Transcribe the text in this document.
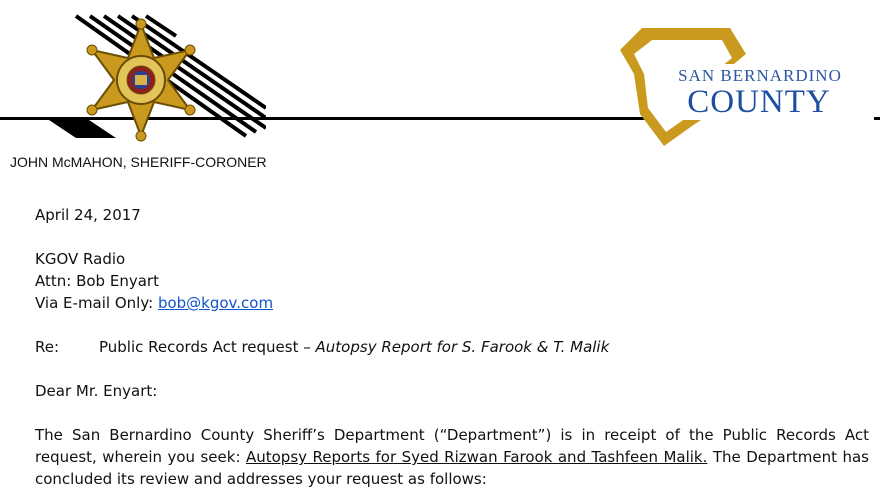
SAN BERNARDINO
COUNTY
JOHN McMAHON, SHERIFF-CORONER

April 24, 2017

KGOV Radio

Attn: Bob Enyart

Via E-mail Only: bob@kgov.com

Re:	Public Records Act request – Autopsy Report for S. Farook & T. Malik

Dear Mr. Enyart:

The San Bernardino County Sheriff’s Department (“Department”) is in receipt of the Public Records Act request, wherein you seek: Autopsy Reports for Syed Rizwan Farook and Tashfeen Malik. The Department has concluded its review and addresses your request as follows:
